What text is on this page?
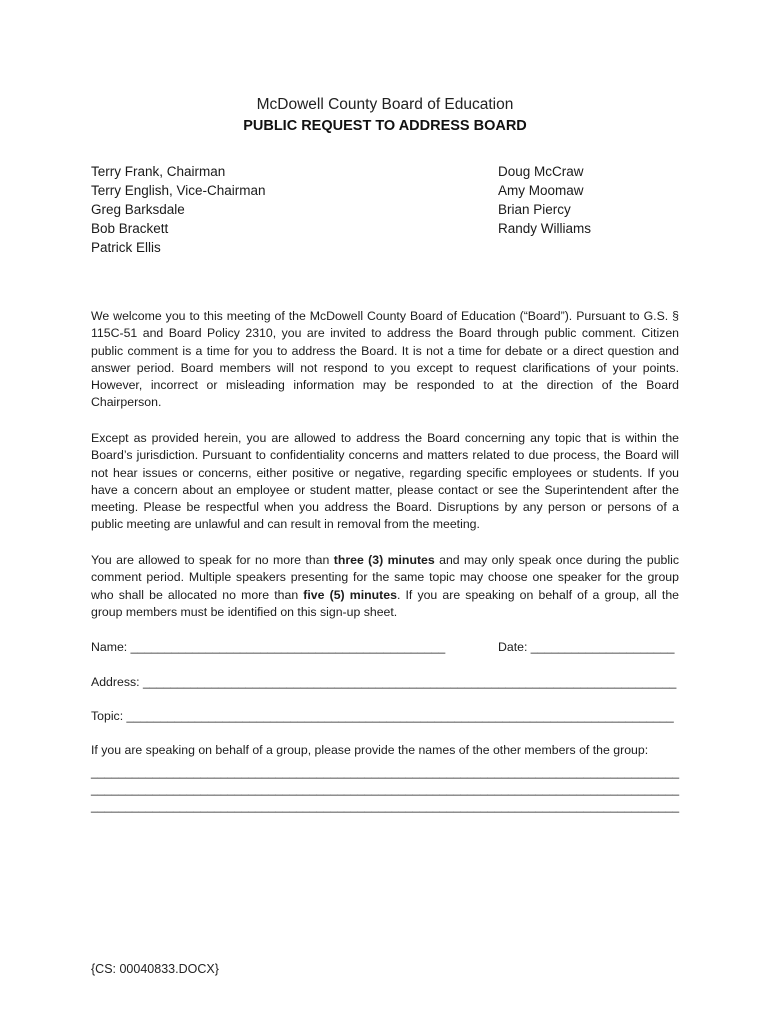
McDowell County Board of Education
PUBLIC REQUEST TO ADDRESS BOARD
Terry Frank, Chairman
Terry English, Vice-Chairman
Greg Barksdale
Bob Brackett
Patrick Ellis
Doug McCraw
Amy Moomaw
Brian Piercy
Randy Williams
We welcome you to this meeting of the McDowell County Board of Education (“Board”). Pursuant to G.S. § 115C-51 and Board Policy 2310, you are invited to address the Board through public comment. Citizen public comment is a time for you to address the Board. It is not a time for debate or a direct question and answer period. Board members will not respond to you except to request clarifications of your points. However, incorrect or misleading information may be responded to at the direction of the Board Chairperson.
Except as provided herein, you are allowed to address the Board concerning any topic that is within the Board’s jurisdiction. Pursuant to confidentiality concerns and matters related to due process, the Board will not hear issues or concerns, either positive or negative, regarding specific employees or students. If you have a concern about an employee or student matter, please contact or see the Superintendent after the meeting. Please be respectful when you address the Board. Disruptions by any person or persons of a public meeting are unlawful and can result in removal from the meeting.
You are allowed to speak for no more than three (3) minutes and may only speak once during the public comment period. Multiple speakers presenting for the same topic may choose one speaker for the group who shall be allocated no more than five (5) minutes. If you are speaking on behalf of a group, all the group members must be identified on this sign-up sheet.
Name: ______________________________________________	Date: _____________________
Address: ______________________________________________________________________________
Topic: ________________________________________________________________________________
If you are speaking on behalf of a group, please provide the names of the other members of the group:
______________________________________________________________________________________
______________________________________________________________________________________
______________________________________________________________________________________
{CS: 00040833.DOCX}
